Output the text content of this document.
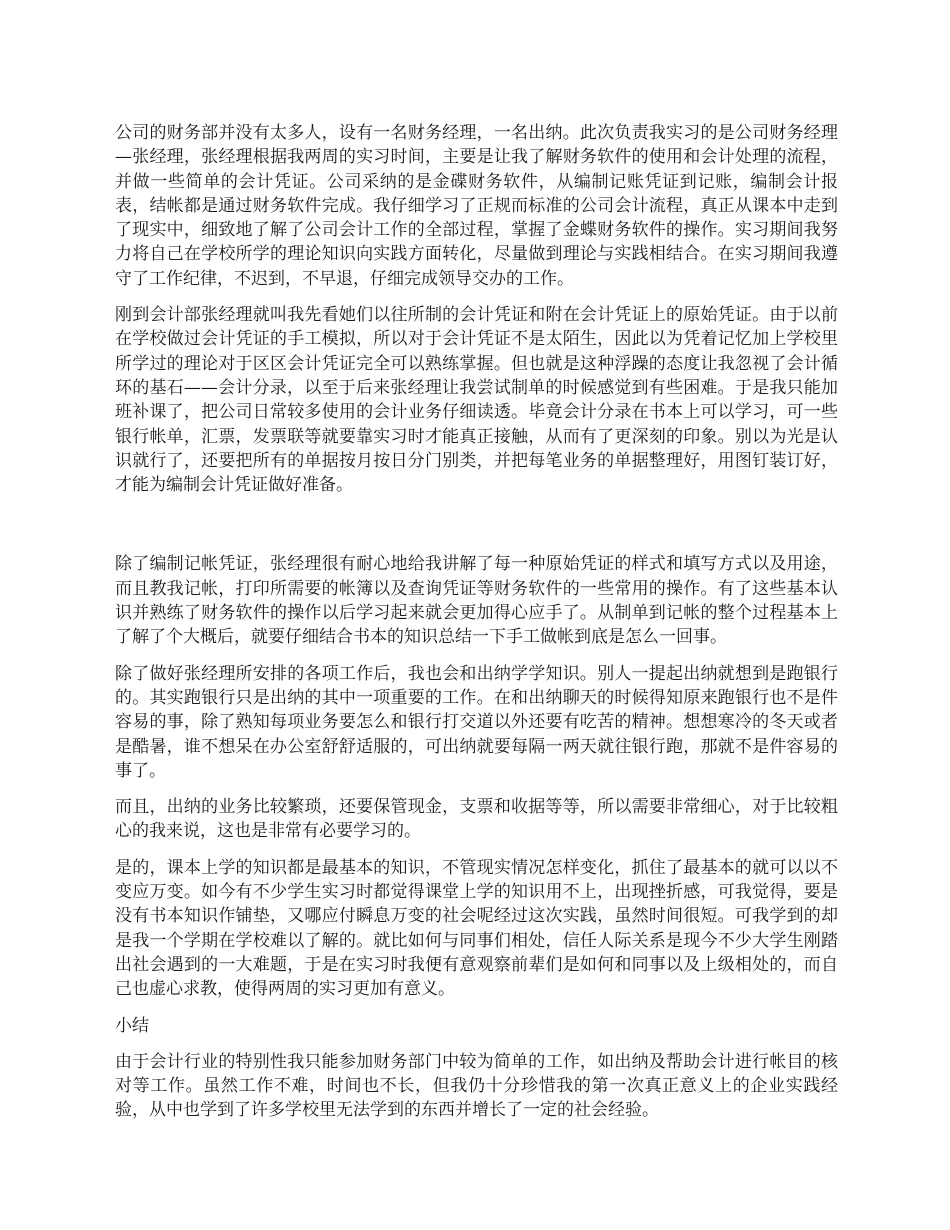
公司的财务部并没有太多人，设有一名财务经理，一名出纳。此次负责我实习的是公司财务经理—张经理，张经理根据我两周的实习时间，主要是让我了解财务软件的使用和会计处理的流程，并做一些简单的会计凭证。公司采纳的是金碟财务软件，从编制记账凭证到记账，编制会计报表，结帐都是通过财务软件完成。我仔细学习了正规而标准的公司会计流程，真正从课本中走到了现实中，细致地了解了公司会计工作的全部过程，掌握了金蝶财务软件的操作。实习期间我努力将自己在学校所学的理论知识向实践方面转化，尽量做到理论与实践相结合。在实习期间我遵守了工作纪律，不迟到，不早退，仔细完成领导交办的工作。

刚到会计部张经理就叫我先看她们以往所制的会计凭证和附在会计凭证上的原始凭证。由于以前在学校做过会计凭证的手工模拟，所以对于会计凭证不是太陌生，因此以为凭着记忆加上学校里所学过的理论对于区区会计凭证完全可以熟练掌握。但也就是这种浮躁的态度让我忽视了会计循环的基石——会计分录，以至于后来张经理让我尝试制单的时候感觉到有些困难。于是我只能加班补课了，把公司日常较多使用的会计业务仔细读透。毕竟会计分录在书本上可以学习，可一些银行帐单，汇票，发票联等就要靠实习时才能真正接触，从而有了更深刻的印象。别以为光是认识就行了，还要把所有的单据按月按日分门别类，并把每笔业务的单据整理好，用图钉装订好，才能为编制会计凭证做好准备。

除了编制记帐凭证，张经理很有耐心地给我讲解了每一种原始凭证的样式和填写方式以及用途，而且教我记帐，打印所需要的帐簿以及查询凭证等财务软件的一些常用的操作。有了这些基本认识并熟练了财务软件的操作以后学习起来就会更加得心应手了。从制单到记帐的整个过程基本上了解了个大概后，就要仔细结合书本的知识总结一下手工做帐到底是怎么一回事。

除了做好张经理所安排的各项工作后，我也会和出纳学学知识。别人一提起出纳就想到是跑银行的。其实跑银行只是出纳的其中一项重要的工作。在和出纳聊天的时候得知原来跑银行也不是件容易的事，除了熟知每项业务要怎么和银行打交道以外还要有吃苦的精神。想想寒冷的冬天或者是酷暑，谁不想呆在办公室舒舒适服的，可出纳就要每隔一两天就往银行跑，那就不是件容易的事了。

而且，出纳的业务比较繁琐，还要保管现金，支票和收据等等，所以需要非常细心，对于比较粗心的我来说，这也是非常有必要学习的。

是的，课本上学的知识都是最基本的知识，不管现实情况怎样变化，抓住了最基本的就可以以不变应万变。如今有不少学生实习时都觉得课堂上学的知识用不上，出现挫折感，可我觉得，要是没有书本知识作铺垫，又哪应付瞬息万变的社会呢经过这次实践，虽然时间很短。可我学到的却是我一个学期在学校难以了解的。就比如何与同事们相处，信任人际关系是现今不少大学生刚踏出社会遇到的一大难题，于是在实习时我便有意观察前辈们是如何和同事以及上级相处的，而自己也虚心求教，使得两周的实习更加有意义。

小结

由于会计行业的特别性我只能参加财务部门中较为简单的工作，如出纳及帮助会计进行帐目的核对等工作。虽然工作不难，时间也不长，但我仍十分珍惜我的第一次真正意义上的企业实践经验，从中也学到了许多学校里无法学到的东西并增长了一定的社会经验。
